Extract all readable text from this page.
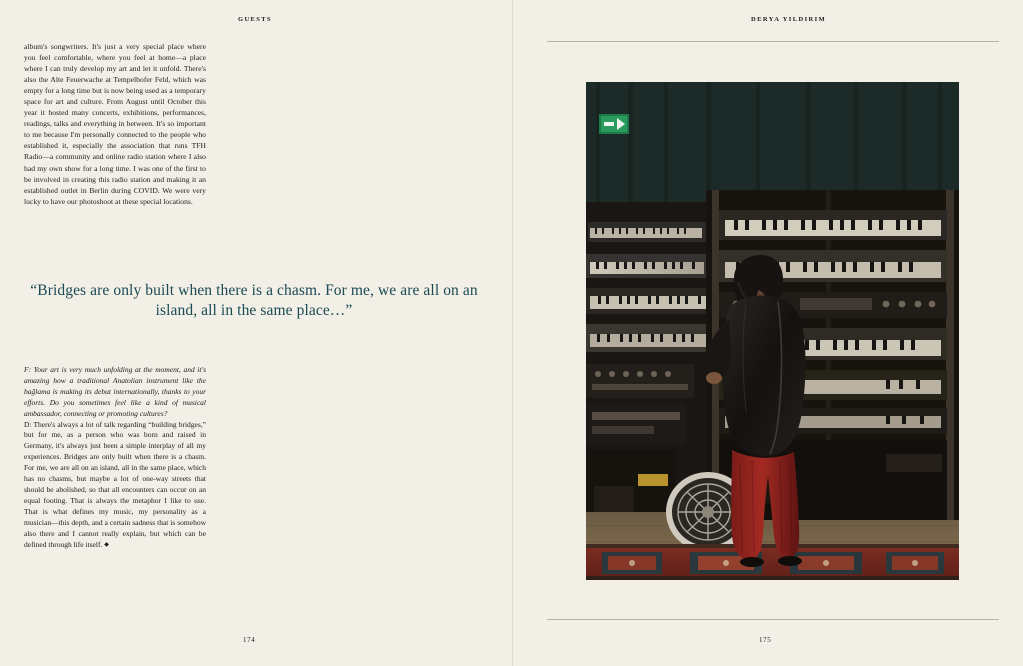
GUESTS
album's songwriters. It's just a very special place where you feel comfortable, where you feel at home—a place where I can truly develop my art and let it unfold. There's also the Alte Feuerwache at Tempelhofer Feld, which was empty for a long time but is now being used as a temporary space for art and culture. From August until October this year it hosted many concerts, exhibitions, performances, readings, talks and everything in between. It's so important to me because I'm personally connected to the people who established it, especially the association that runs TFH Radio—a community and online radio station where I also had my own show for a long time. I was one of the first to be involved in creating this radio station and making it an established outlet in Berlin during COVID. We were very lucky to have our photoshoot at these special locations.
“Bridges are only built when there is a chasm. For me, we are all on an island, all in the same place…”
F: Your art is very much unfolding at the moment, and it's amazing how a traditional Anatolian instrument like the bağlama is making its debut internationally, thanks to your efforts. Do you sometimes feel like a kind of musical ambassador, connecting or promoting cultures?
D: There's always a lot of talk regarding “building bridges,” but for me, as a person who was born and raised in Germany, it's always just been a simple interplay of all my experiences. Bridges are only built when there is a chasm. For me, we are all on an island, all in the same place, which has no chasms, but maybe a lot of one-way streets that should be abolished, so that all encounters can occur on an equal footing. That is always the metaphor I like to use. That is what defines my music, my personality as a musician—this depth, and a certain sadness that is somehow also there and I cannot really explain, but which can be defined through life itself. ◆
174
DERYA YILDIRIM
175
